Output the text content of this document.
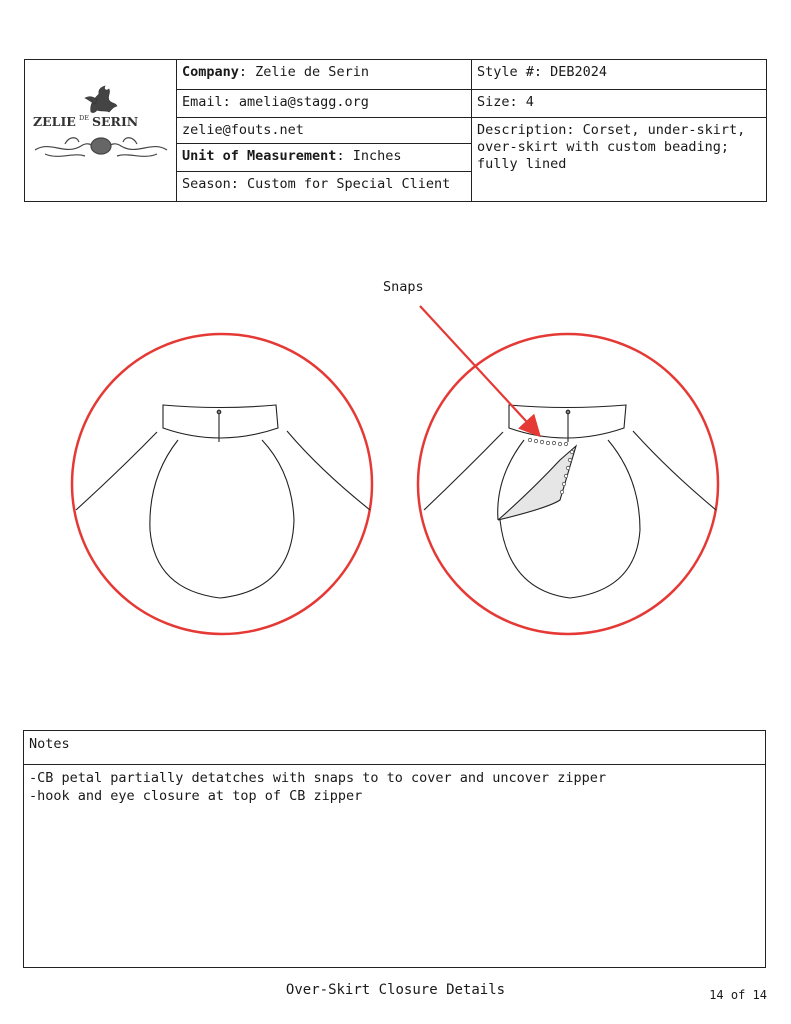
ZELIE DE SERIN
Company: Zelie de Serin
Email: amelia@stagg.org
zelie@fouts.net
Unit of Measurement: Inches
Season: Custom for Special Client
Style #: DEB2024
Size: 4
Description: Corset, under-skirt, over-skirt with custom beading; fully lined
Snaps
Notes
-CB petal partially detatches with snaps to to cover and uncover zipper
-hook and eye closure at top of CB zipper
Over-Skirt Closure Details	14 of 14
